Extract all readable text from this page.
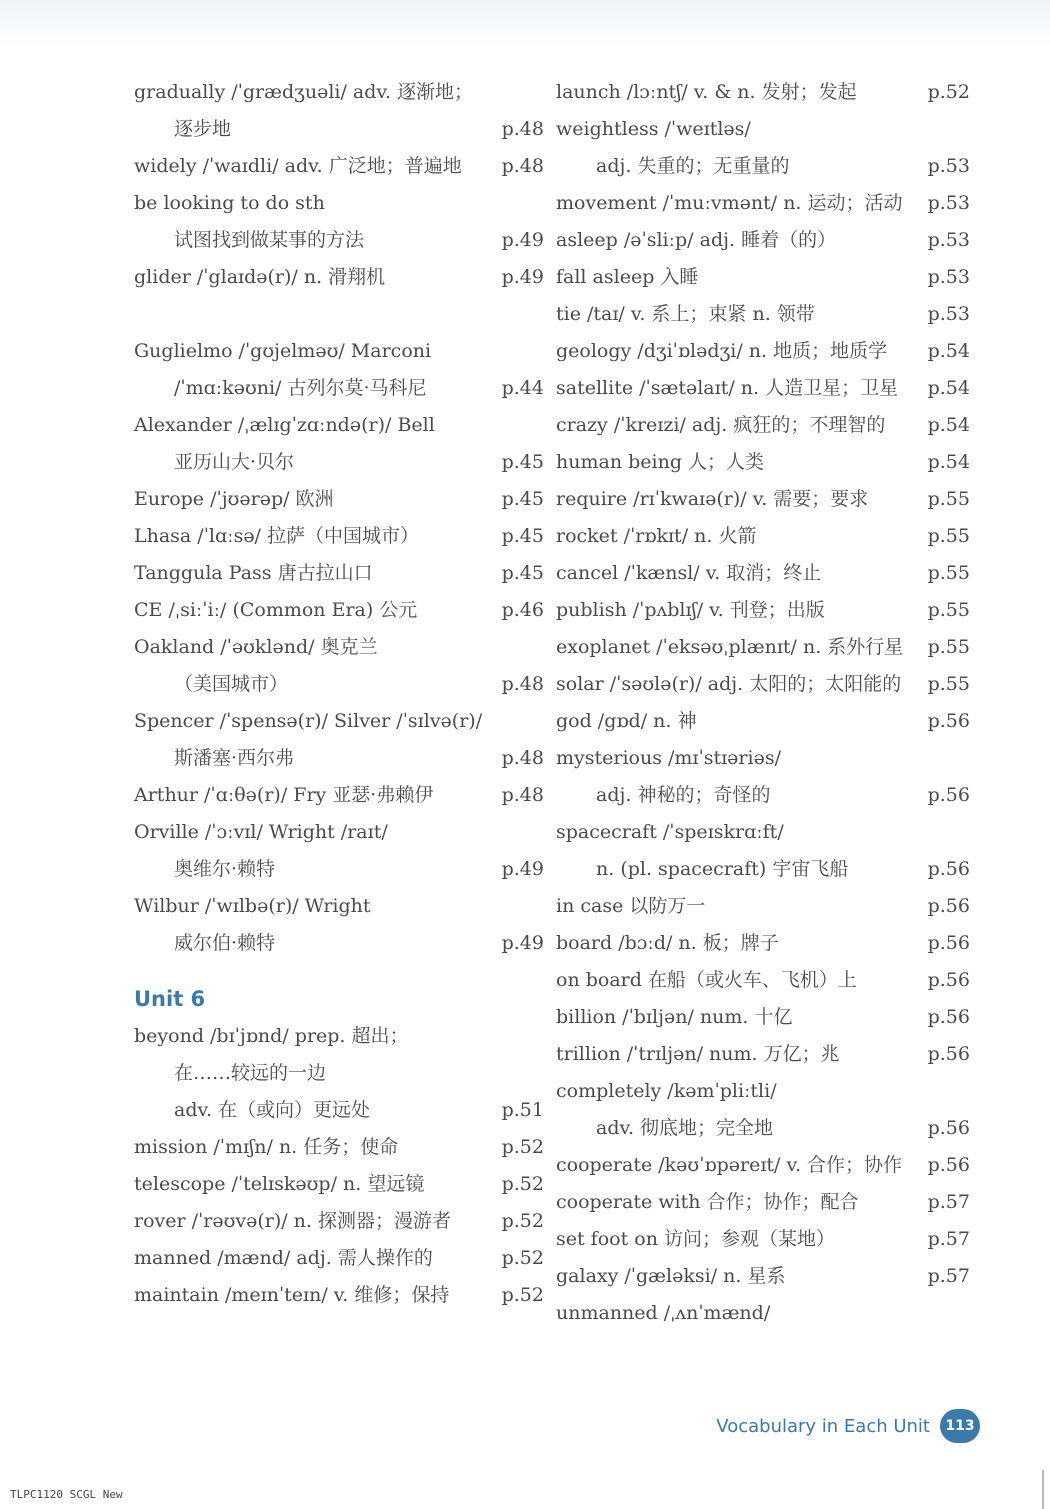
gradually /ˈgrædʒuəli/ adv. 逐渐地；
逐步地	p.48
widely /ˈwaɪdli/ adv. 广泛地；普遍地 p.48
be looking to do sth
试图找到做某事的方法	p.49
glider /ˈglaɪdə(r)/ n. 滑翔机	p.49
Guglielmo /ˈgʊjelməʊ/ Marconi
/ˈmɑːkəʊni/ 古列尔莫·马科尼	p.44
Alexander /ˌælɪgˈzɑːndə(r)/ Bell
亚历山大·贝尔	p.45
Europe /ˈjʊərəp/ 欧洲	p.45
Lhasa /ˈlɑːsə/ 拉萨（中国城市）	p.45
Tanggula Pass 唐古拉山口	p.45
CE /ˌsiːˈiː/ (Common Era) 公元	p.46
Oakland /ˈəʊklənd/ 奥克兰
（美国城市）	p.48
Spencer /ˈspensə(r)/ Silver /ˈsɪlvə(r)/
斯潘塞·西尔弗	p.48
Arthur /ˈɑːθə(r)/ Fry 亚瑟·弗赖伊	p.48
Orville /ˈɔːvɪl/ Wright /raɪt/
奥维尔·赖特	p.49
Wilbur /ˈwɪlbə(r)/ Wright
威尔伯·赖特	p.49
Unit 6
beyond /bɪˈjɒnd/ prep. 超出；
在……较远的一边
adv. 在（或向）更远处	p.51
mission /ˈmɪʃn/ n. 任务；使命	p.52
telescope /ˈtelɪskəʊp/ n. 望远镜	p.52
rover /ˈrəʊvə(r)/ n. 探测器；漫游者	p.52
manned /mænd/ adj. 需人操作的	p.52
maintain /meɪnˈteɪn/ v. 维修；保持	p.52
launch /lɔːntʃ/ v. & n. 发射；发起	p.52
weightless /ˈweɪtləs/
adj. 失重的；无重量的	p.53
movement /ˈmuːvmənt/ n. 运动；活动 p.53
asleep /əˈsliːp/ adj. 睡着（的）	p.53
fall asleep 入睡	p.53
tie /taɪ/ v. 系上；束紧 n. 领带	p.53
geology /dʒiˈɒlədʒi/ n. 地质；地质学 p.54
satellite /ˈsætəlaɪt/ n. 人造卫星；卫星 p.54
crazy /ˈkreɪzi/ adj. 疯狂的；不理智的 p.54
human being 人；人类	p.54
require /rɪˈkwaɪə(r)/ v. 需要；要求	p.55
rocket /ˈrɒkɪt/ n. 火箭	p.55
cancel /ˈkænsl/ v. 取消；终止	p.55
publish /ˈpʌblɪʃ/ v. 刊登；出版	p.55
exoplanet /ˈeksəʊˌplænɪt/ n. 系外行星 p.55
solar /ˈsəʊlə(r)/ adj. 太阳的；太阳能的 p.55
god /gɒd/ n. 神	p.56
mysterious /mɪˈstɪəriəs/
adj. 神秘的；奇怪的	p.56
spacecraft /ˈspeɪskrɑːft/
n. (pl. spacecraft) 宇宙飞船	p.56
in case 以防万一	p.56
board /bɔːd/ n. 板；牌子	p.56
on board 在船（或火车、飞机）上	p.56
billion /ˈbɪljən/ num. 十亿	p.56
trillion /ˈtrɪljən/ num. 万亿；兆	p.56
completely /kəmˈpliːtli/
adv. 彻底地；完全地	p.56
cooperate /kəʊˈɒpəreɪt/ v. 合作；协作 p.56
cooperate with 合作；协作；配合	p.57
set foot on 访问；参观（某地）	p.57
galaxy /ˈgæləksi/ n. 星系	p.57
unmanned /ˌʌnˈmænd/
Vocabulary in Each Unit	113
TLPC1120 SCGL New
